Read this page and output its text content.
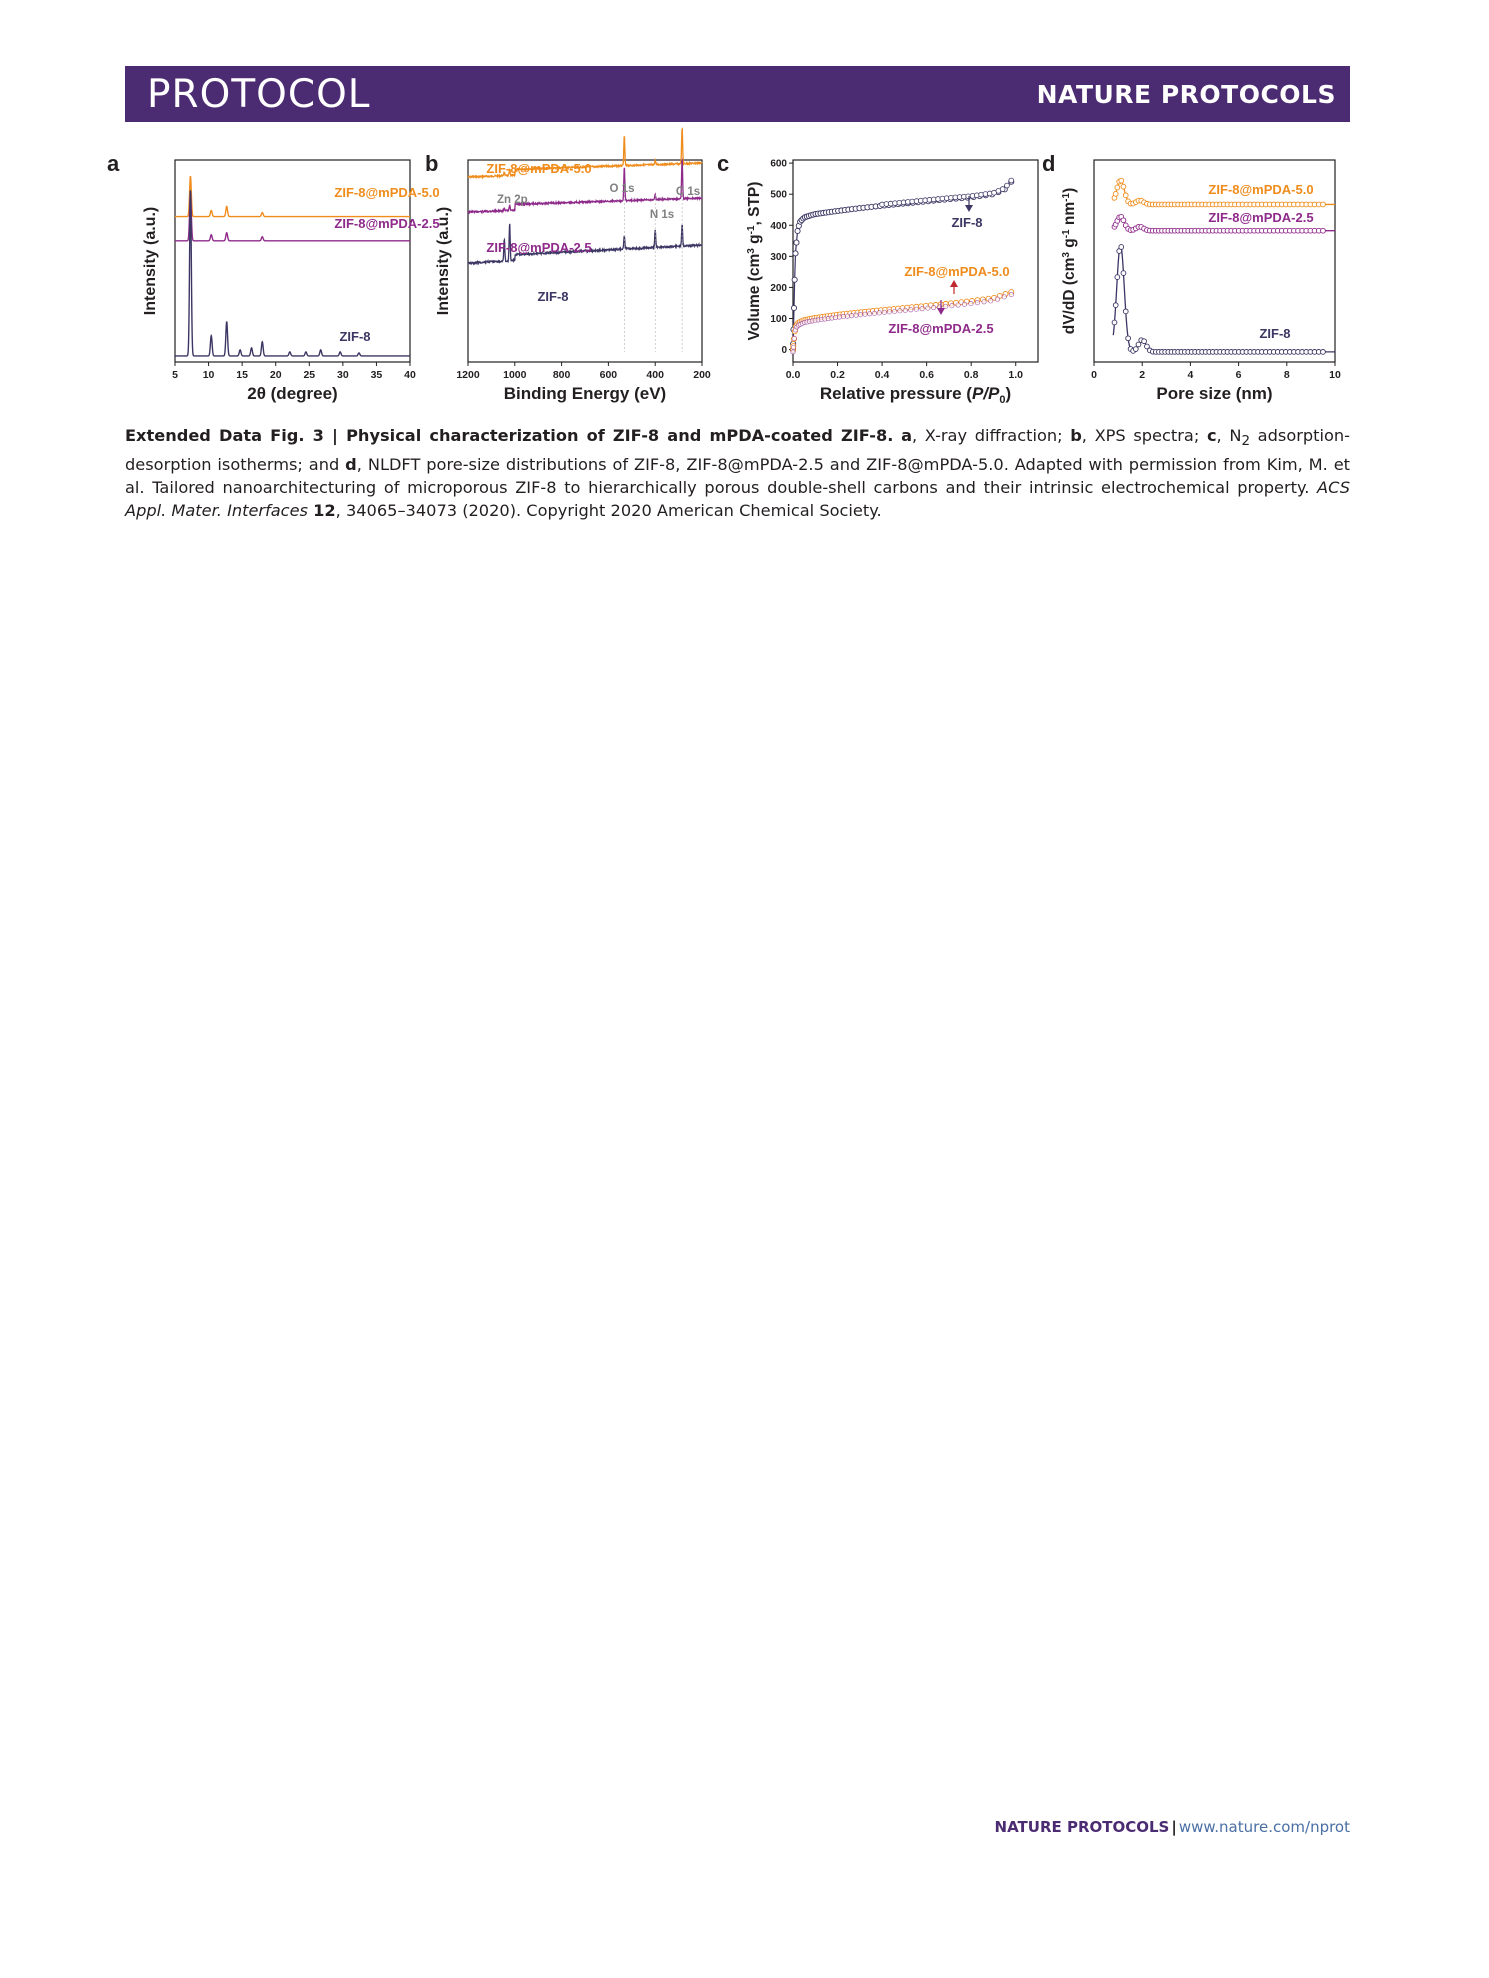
PROTOCOL	NATURE PROTOCOLS
a
ZIF-8@mPDA-5.0
ZIF-8@mPDA-2.5
ZIF-8
5 10 15 20 25 30 35 40
2θ (degree)
Intensity (a.u.)
b	ZIF-8@mPDA-5.0
ZIF-8@mPDA-2.5
ZIF-8
Zn 2p
O 1s
N 1s
C 1s
1200 1000	800	600	400	200
Binding Energy (eV)
Intensity (a.u.)
c
0
100
200
300
400
500
600
ZIF-8
ZIF-8@mPDA-5.0
ZIF-8@mPDA-2.5
0.0	0.2	0.4	0.6	0.8	1.0
Relative pressure $(P/P_0)$
Volume ($cm^3$ $g^{-1}$, STP)
d
ZIF-8@mPDA-5.0
ZIF-8@mPDA-2.5
ZIF-8
0	2	4	6	8	10
Pore size (nm)
dV/dD ($cm^3$ $g^{-1}$ $nm^{-1}$)
Extended Data Fig. 3 | Physical characterization of ZIF-8 and mPDA-coated ZIF-8. a, X-ray diffraction; b, XPS spectra; c, $N_2$ adsorption-desorption isotherms; and d, NLDFT pore-size distributions of ZIF-8, ZIF-8@mPDA-2.5 and ZIF-8@mPDA-5.0. Adapted with permission from Kim, M. et al. Tailored nanoarchitecturing of microporous ZIF-8 to hierarchically porous double-shell carbons and their intrinsic electrochemical property. ACS Appl. Mater. Interfaces 12, 34065–34073 (2020). Copyright 2020 American Chemical Society.
NATURE PROTOCOLS | www.nature.com/nprot
